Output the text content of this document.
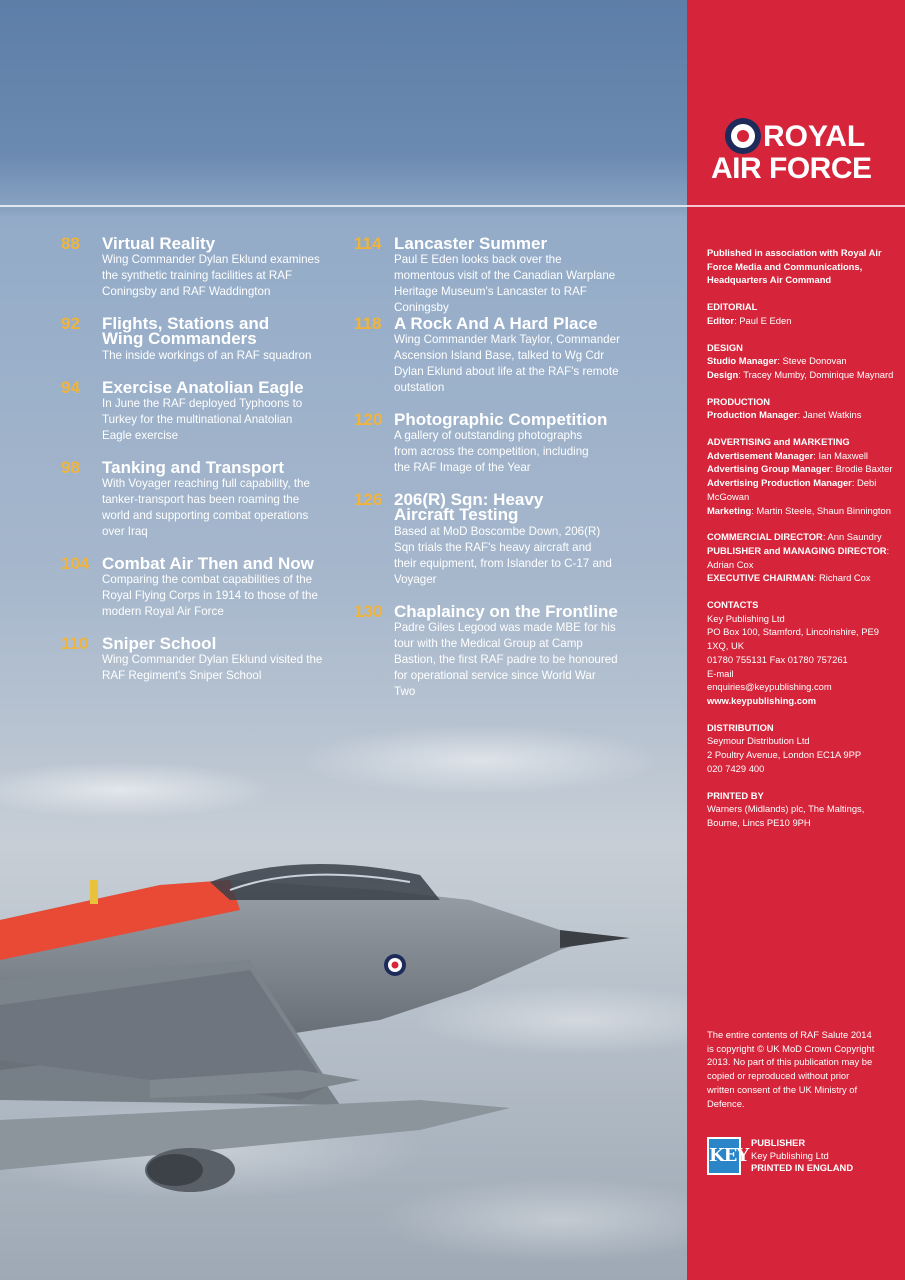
88 Virtual Reality
Wing Commander Dylan Eklund examines the synthetic training facilities at RAF Coningsby and RAF Waddington
92 Flights, Stations and Wing Commanders
The inside workings of an RAF squadron
94 Exercise Anatolian Eagle
In June the RAF deployed Typhoons to Turkey for the multinational Anatolian Eagle exercise
98 Tanking and Transport
With Voyager reaching full capability, the tanker-transport has been roaming the world and supporting combat operations over Iraq
104 Combat Air Then and Now
Comparing the combat capabilities of the Royal Flying Corps in 1914 to those of the modern Royal Air Force
110 Sniper School
Wing Commander Dylan Eklund visited the RAF Regiment's Sniper School
114 Lancaster Summer
Paul E Eden looks back over the momentous visit of the Canadian Warplane Heritage Museum's Lancaster to RAF Coningsby
118 A Rock And A Hard Place
Wing Commander Mark Taylor, Commander Ascension Island Base, talked to Wg Cdr Dylan Eklund about life at the RAF's remote outstation
120 Photographic Competition
A gallery of outstanding photographs from across the competition, including the RAF Image of the Year
126 206(R) Sqn: Heavy Aircraft Testing
Based at MoD Boscombe Down, 206(R) Sqn trials the RAF's heavy aircraft and their equipment, from Islander to C-17 and Voyager
130 Chaplaincy on the Frontline
Padre Giles Legood was made MBE for his tour with the Medical Group at Camp Bastion, the first RAF padre to be honoured for operational service since World War Two
ROYAL
AIR FORCE

Published in association with Royal Air Force Media and Communications, Headquarters Air Command

EDITORIAL

Editor: Paul E Eden

DESIGN

Studio Manager: Steve Donovan

Design: Tracey Mumby, Dominique Maynard

PRODUCTION

Production Manager: Janet Watkins

ADVERTISING and MARKETING

Advertisement Manager: Ian Maxwell

Advertising Group Manager: Brodie Baxter

Advertising Production Manager: Debi McGowan

Marketing: Martin Steele, Shaun Binnington

COMMERCIAL DIRECTOR: Ann Saundry

PUBLISHER and MANAGING DIRECTOR: Adrian Cox

EXECUTIVE CHAIRMAN: Richard Cox

CONTACTS

Key Publishing Ltd

PO Box 100, Stamford, Lincolnshire, PE9 1XQ, UK

01780 755131 Fax 01780 757261

E-mail

enquiries@keypublishing.com

www.keypublishing.com

DISTRIBUTION

Seymour Distribution Ltd

2 Poultry Avenue, London EC1A 9PP

020 7429 400

PRINTED BY

Warners (Midlands) plc, The Maltings, Bourne, Lincs PE10 9PH

The entire contents of RAF Salute 2014 is copyright © UK MoD Crown Copyright 2013. No part of this publication may be copied or reproduced without prior written consent of the UK Ministry of Defence.
KEY
PUBLISHER
Key Publishing Ltd
PRINTED IN ENGLAND
